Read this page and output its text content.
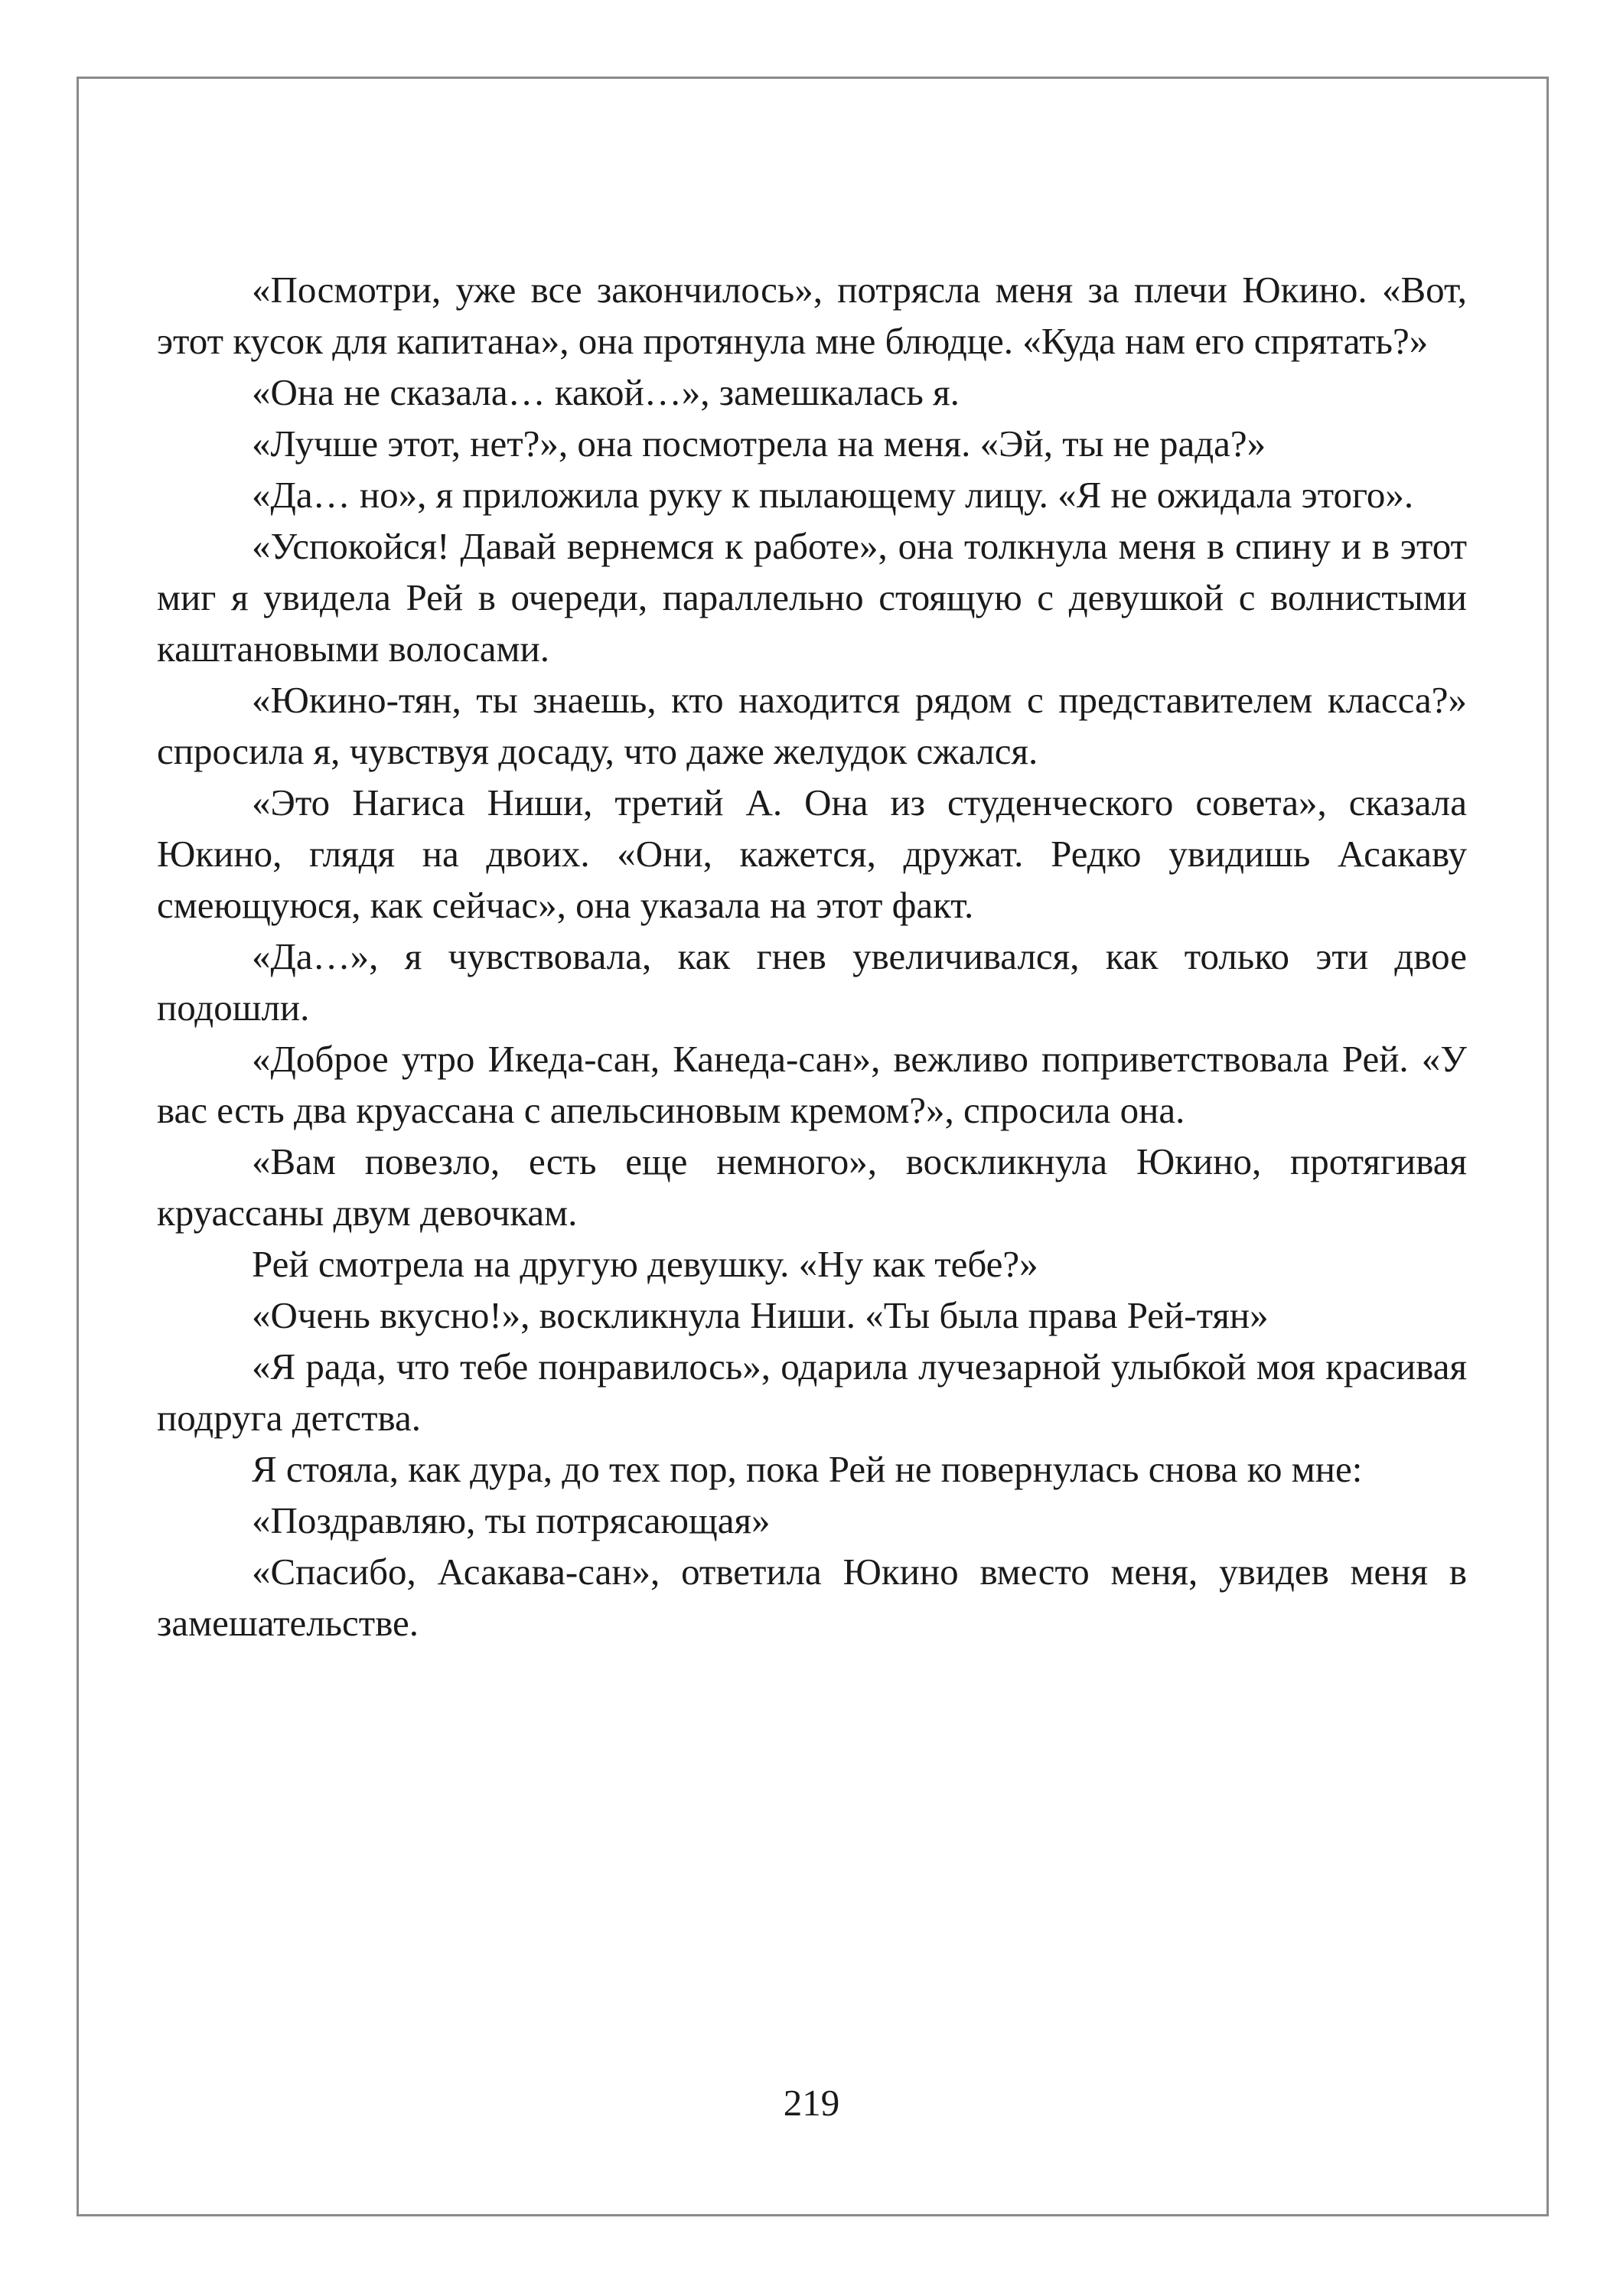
«Посмотри, уже все закончилось», потрясла меня за плечи Юкино. «Вот, этот кусок для капитана», она протянула мне блюдце. «Куда нам его спрятать?»

«Она не сказала… какой…», замешкалась я.

«Лучше этот, нет?», она посмотрела на меня. «Эй, ты не рада?»

«Да… но», я приложила руку к пылающему лицу. «Я не ожидала этого».

«Успокойся! Давай вернемся к работе», она толкнула меня в спину и в этот миг я увидела Рей в очереди, параллельно стоящую с девушкой с волнистыми каштановыми волосами.

«Юкино-тян, ты знаешь, кто находится рядом с представителем класса?» спросила я, чувствуя досаду, что даже желудок сжался.

«Это Нагиса Ниши, третий А. Она из студенческого совета», сказала Юкино, глядя на двоих. «Они, кажется, дружат. Редко увидишь Асакаву смеющуюся, как сейчас», она указала на этот факт.

«Да…», я чувствовала, как гнев увеличивался, как только эти двое подошли.

«Доброе утро Икеда-сан, Канеда-сан», вежливо поприветствовала Рей. «У вас есть два круассана с апельсиновым кремом?», спросила она.

«Вам повезло, есть еще немного», воскликнула Юкино, протягивая круассаны двум девочкам.

Рей смотрела на другую девушку. «Ну как тебе?»

«Очень вкусно!», воскликнула Ниши. «Ты была права Рей-тян»

«Я рада, что тебе понравилось», одарила лучезарной улыбкой моя красивая подруга детства.

Я стояла, как дура, до тех пор, пока Рей не повернулась снова ко мне:

«Поздравляю, ты потрясающая»

«Спасибо, Асакава-сан», ответила Юкино вместо меня, увидев меня в замешательстве.

219
